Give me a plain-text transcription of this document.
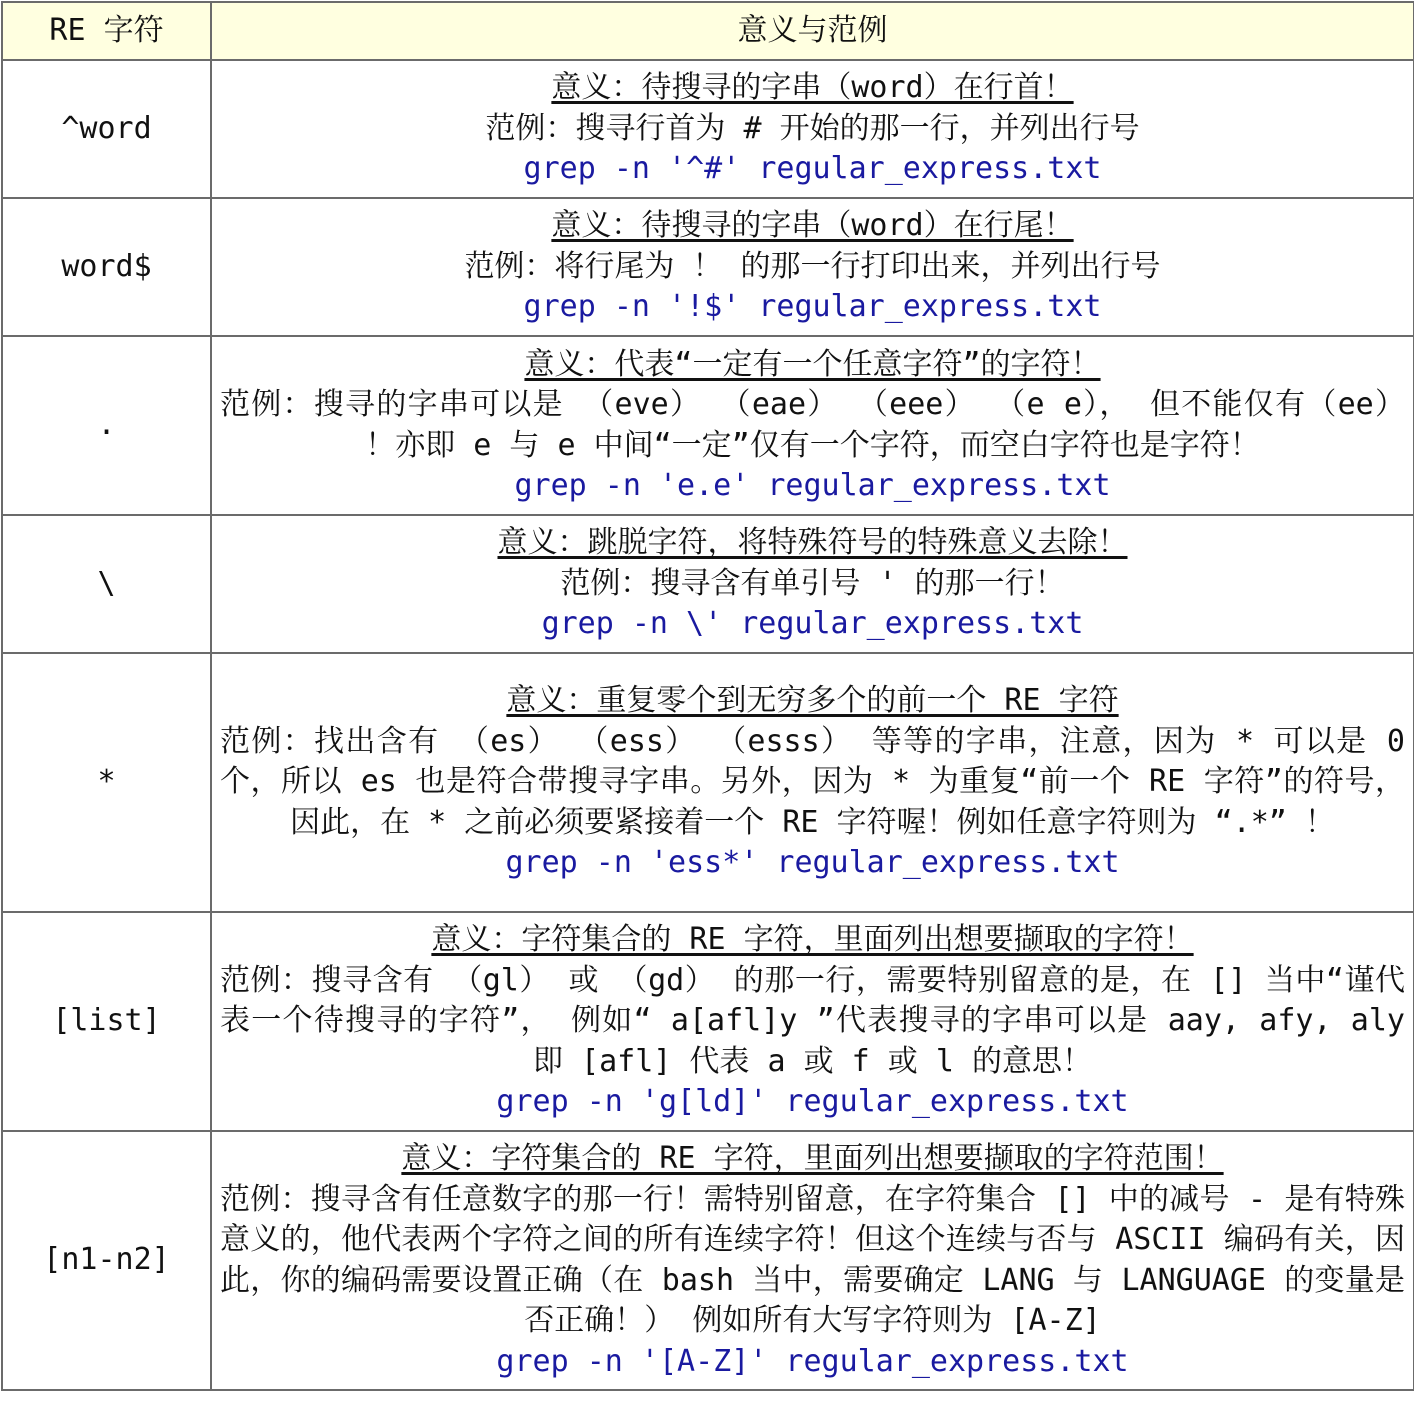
RE 字符	意义与范例
^word	意义：待搜寻的字串（word）在行首！
范例：搜寻行首为 # 开始的那一行，并列出行号
grep -n '^#' regular_express.txt

word$	意义：待搜寻的字串（word）在行尾！
范例：将行尾为 ！ 的那一行打印出来，并列出行号
grep -n '!$' regular_express.txt

.	意义：代表“一定有一个任意字符”的字符！
范例：搜寻的字串可以是 （eve） （eae） （eee） （e e）， 但不能仅有（ee） ！亦即 e 与 e 中间“一定”仅有一个字符，而空白字符也是字符！
grep -n 'e.e' regular_express.txt

\	意义：跳脱字符，将特殊符号的特殊意义去除！
范例：搜寻含有单引号 ' 的那一行！
grep -n \' regular_express.txt

*	意义：重复零个到无穷多个的前一个 RE 字符
范例：找出含有 （es） （ess） （esss） 等等的字串，注意，因为 * 可以是 0 个，所以 es 也是符合带搜寻字串。另外，因为 * 为重复“前一个 RE 字符”的符号， 因此，在 * 之前必须要紧接着一个 RE 字符喔！例如任意字符则为 “.*” ！
grep -n 'ess*' regular_express.txt

[list]	意义：字符集合的 RE 字符，里面列出想要撷取的字符！
范例：搜寻含有 （gl） 或 （gd） 的那一行，需要特别留意的是，在 [] 当中“谨代表一个待搜寻的字符”， 例如“ a[afl]y ”代表搜寻的字串可以是 aay, afy, aly 即 [afl] 代表 a 或 f 或 l 的意思！
grep -n 'g[ld]' regular_express.txt

[n1-n2]	意义：字符集合的 RE 字符，里面列出想要撷取的字符范围！
范例：搜寻含有任意数字的那一行！需特别留意，在字符集合 [] 中的减号 - 是有特殊意义的，他代表两个字符之间的所有连续字符！但这个连续与否与 ASCII 编码有关，因此，你的编码需要设置正确（在 bash 当中，需要确定 LANG 与 LANGUAGE 的变量是否正确！） 例如所有大写字符则为 [A-Z]
grep -n '[A-Z]' regular_express.txt
